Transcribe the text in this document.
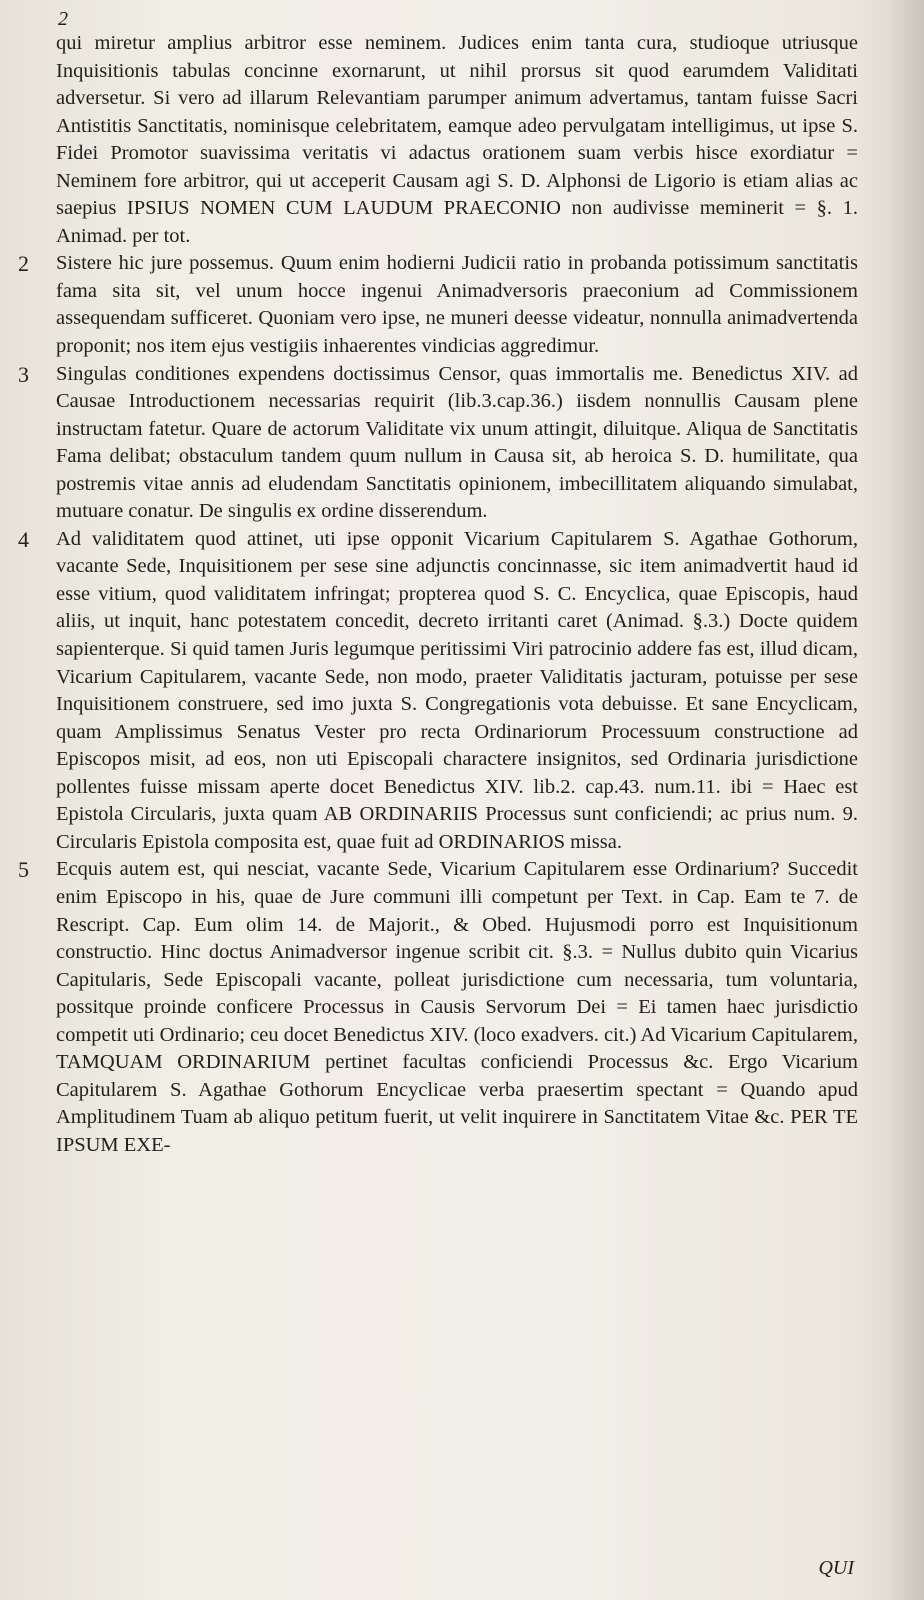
2
qui miretur amplius arbitror esse neminem. Judices enim tanta cura, studioque utriusque Inquisitionis tabulas concinne exornarunt, ut nihil prorsus sit quod earumdem Validitati adversetur. Si vero ad illarum Relevantiam parumper animum advertamus, tantam fuisse Sacri Antistitis Sanctitatis, nominisque celebritatem, eamque adeo pervulgatam intelligimus, ut ipse S. Fidei Promotor suavissima veritatis vi adactus orationem suam verbis hisce exordiatur = Neminem fore arbitror, qui ut acceperit Causam agi S. D. Alphonsi de Ligorio is etiam alias ac saepius IPSIUS NOMEN CUM LAUDUM PRAECONIO non audivisse meminerit = §. 1. Animad. per tot.
2 Sistere hic jure possemus. Quum enim hodierni Judicii ratio in probanda potissimum sanctitatis fama sita sit, vel unum hocce ingenui Animadversoris praeconium ad Commissionem assequendam sufficeret. Quoniam vero ipse, ne muneri deesse videatur, nonnulla animadvertenda proponit; nos item ejus vestigiis inhaerentes vindicias aggredimur.
3 Singulas conditiones expendens doctissimus Censor, quas immortalis me. Benedictus XIV. ad Causae Introductionem necessarias requirit (lib.3.cap.36.) iisdem nonnullis Causam plene instructam fatetur. Quare de actorum Validitate vix unum attingit, diluitque. Aliqua de Sanctitatis Fama delibat; obstaculum tandem quum nullum in Causa sit, ab heroica S. D. humilitate, qua postremis vitae annis ad eludendam Sanctitatis opinionem, imbecillitatem aliquando simulabat, mutuare conatur. De singulis ex ordine disserendum.
4 Ad validitatem quod attinet, uti ipse opponit Vicarium Capitularem S. Agathae Gothorum, vacante Sede, Inquisitionem per sese sine adjunctis concinnasse, sic item animadvertit haud id esse vitium, quod validitatem infringat; propterea quod S. C. Encyclica, quae Episcopis, haud aliis, ut inquit, hanc potestatem concedit, decreto irritanti caret (Animad. §.3.) Docte quidem sapienterque. Si quid tamen Juris legumque peritissimi Viri patrocinio addere fas est, illud dicam, Vicarium Capitularem, vacante Sede, non modo, praeter Validitatis jacturam, potuisse per sese Inquisitionem construere, sed imo juxta S. Congregationis vota debuisse. Et sane Encyclicam, quam Amplissimus Senatus Vester pro recta Ordinariorum Processuum constructione ad Episcopos misit, ad eos, non uti Episcopali charactere insignitos, sed Ordinaria jurisdictione pollentes fuisse missam aperte docet Benedictus XIV. lib.2. cap.43. num.11. ibi = Haec est Epistola Circularis, juxta quam AB ORDINARIIS Processus sunt conficiendi; ac prius num. 9. Circularis Epistola composita est, quae fuit ad ORDINARIOS missa.
5 Ecquis autem est, qui nesciat, vacante Sede, Vicarium Capitularem esse Ordinarium? Succedit enim Episcopo in his, quae de Jure communi illi competunt per Text. in Cap. Eam te 7. de Rescript. Cap. Eum olim 14. de Majorit., & Obed. Hujusmodi porro est Inquisitionum constructio. Hinc doctus Animadversor ingenue scribit cit. §.3. = Nullus dubito quin Vicarius Capitularis, Sede Episcopali vacante, polleat jurisdictione cum necessaria, tum voluntaria, possitque proinde conficere Processus in Causis Servorum Dei = Ei tamen haec jurisdictio competit uti Ordinario; ceu docet Benedictus XIV. (loco exadvers. cit.) Ad Vicarium Capitularem, TAMQUAM ORDINARIUM pertinet facultas conficiendi Processus &c. Ergo Vicarium Capitularem S. Agathae Gothorum Encyclicae verba praesertim spectant = Quando apud Amplitudinem Tuam ab aliquo petitum fuerit, ut velit inquirere in Sanctitatem Vitae &c. PER TE IPSUM EXE-
QUI
